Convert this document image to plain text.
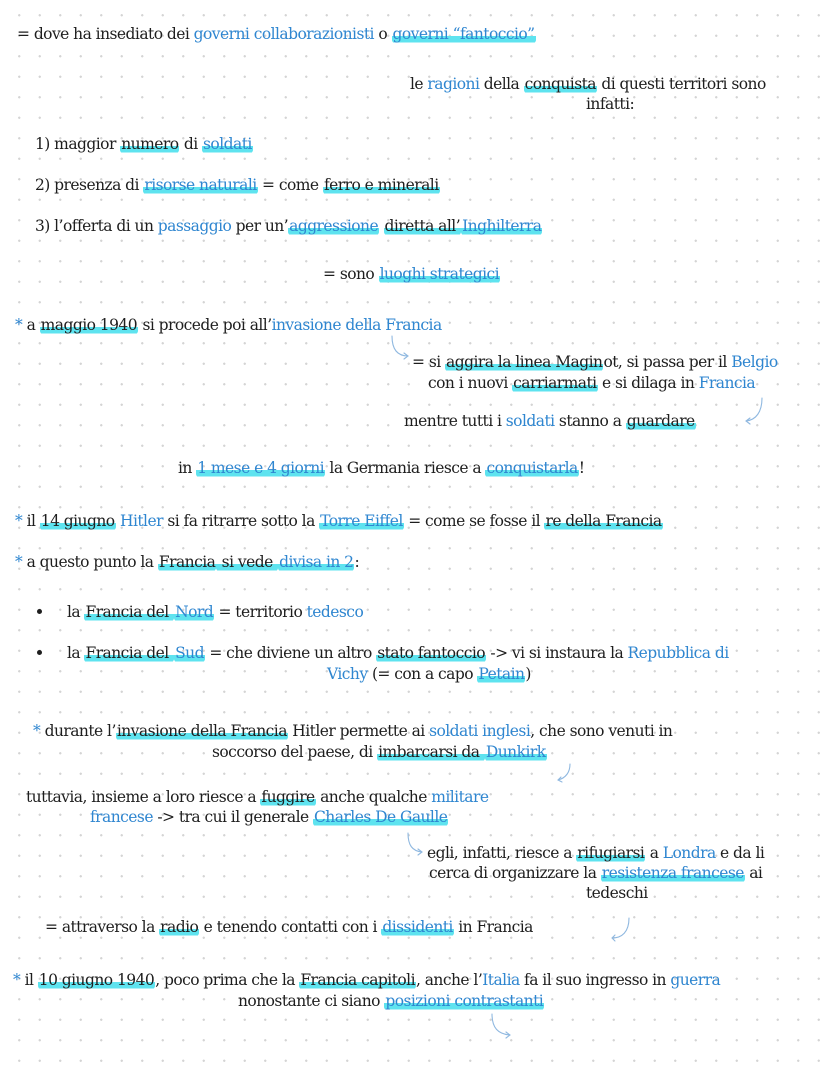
= dove ha insediato dei governi collaborazionisti o governi “fantoccio”
le ragioni della conquista di questi territori sono
infatti:
1) maggior numero di soldati
2) presenza di risorse naturali = come ferro e minerali
3) l’offerta di un passaggio per un’aggressione diretta all’ Inghilterra
= sono luoghi strategici
* a maggio 1940 si procede poi all’invasione della Francia
= si aggira la linea Maginot, si passa per il Belgio
con i nuovi carriarmati e si dilaga in Francia
mentre tutti i soldati stanno a guardare
in 1 mese e 4 giorni la Germania riesce a conquistarla!
* il 14 giugno Hitler si fa ritrarre sotto la Torre Eiffel = come se fosse il re della Francia
* a questo punto la Francia si vede divisa in 2:
la Francia del Nord = territorio tedesco
la Francia del Sud = che diviene un altro stato fantoccio -> vi si instaura la Repubblica di
Vichy (= con a capo Petain)
* durante l’invasione della Francia Hitler permette ai soldati inglesi, che sono venuti in
soccorso del paese, di imbarcarsi da Dunkirk
tuttavia, insieme a loro riesce a fuggire anche qualche militare
francese -> tra cui il generale Charles De Gaulle
egli, infatti, riesce a rifugiarsi a Londra e da li
cerca di organizzare la resistenza francese ai
tedeschi
= attraverso la radio e tenendo contatti con i dissidenti in Francia
* il 10 giugno 1940, poco prima che la Francia capitoli, anche l’Italia fa il suo ingresso in guerra
nonostante ci siano posizioni contrastanti
